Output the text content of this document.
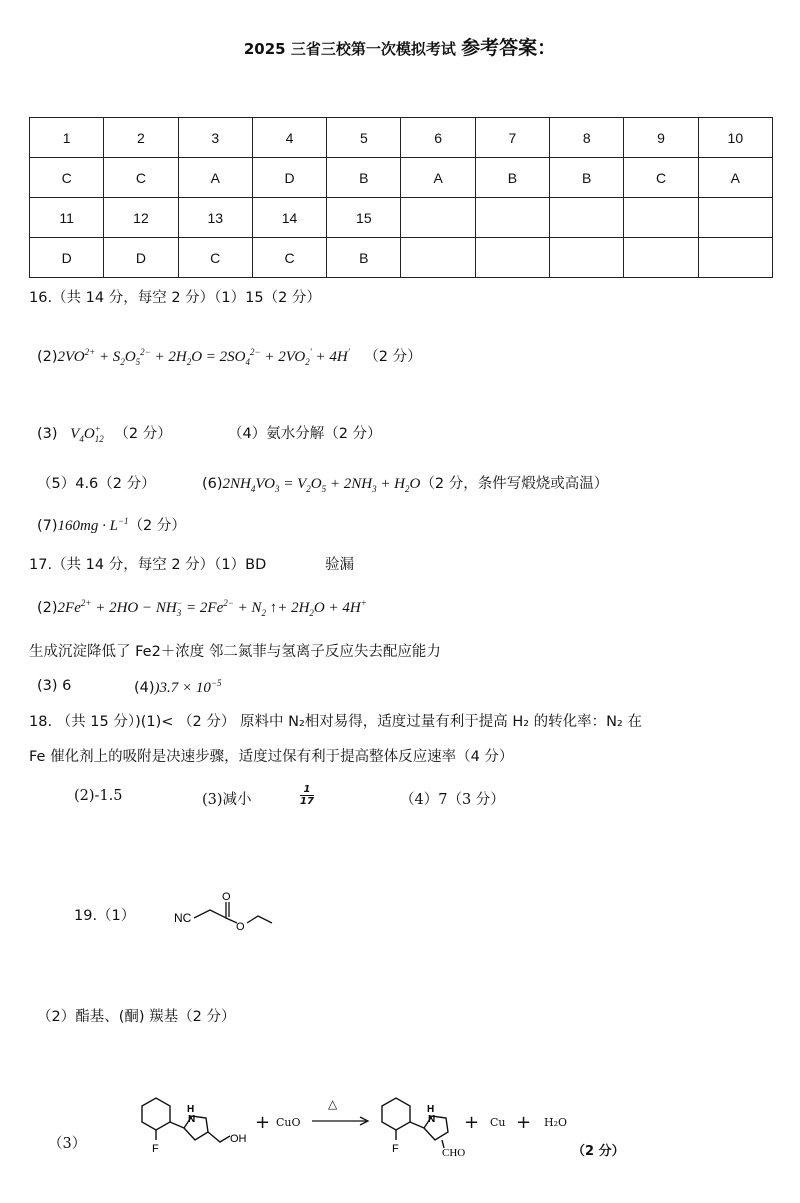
2025 三省三校第一次模拟考试 参考答案：
1	2	3	4	5	6	7	8	9	10
C	C	A	D	B	A	B	B	C	A
11	12	13	14	15					
D	D	C	C	B					
16.（共 14 分，每空 2 分）（1）15（2 分）
$(2)2VO^{2+} + S_2O_5^{2-} + 2H_2O = 2SO_4^{2-} + 2VO_2' + 4H'$ （2 分）
(3) $V_4O^+_{12}$ （2 分）	（4）氨水分解（2 分）
（5）4.6（2 分）	$(6)2NH_4VO_3 = V_2O_5 + 2NH_3 + H_2O(2$ 分，条件写煅烧或高温）
$(7)160mg \cdot L^{-1}(2$ 分）
17.（共 14 分，每空 2 分）（1）BD	验漏
$(2)2Fe^{2+} + 2HO - NH_3^- = 2Fe^{2-} + N_2$ ↑+ $2H_2O + 4H^+$
生成沉淀降低了 Fe2＋浓度 邻二氮菲与氢离子反应失去配应能力
(3) 6	$(4))3.7 \times 10^{-5}$
18. （共 15 分）)(1)< （2 分） 原料中 N₂相对易得，适度过量有利于提高 H₂ 的转化率：N₂ 在
Fe 催化剂上的吸附是决速步骤，适度过保有利于提高整体反应速率（4 分）
(2)-1.5	(3)减小	$\frac{1}{17}$	（4）7（3 分）
19.（1）	NC
O
O
（2）酯基、(酮) 羰基（2 分）
（3）
H
N
F
OH
+ CuO
△	H
N
F	CHO
+ Cu + H₂O
（2 分）
